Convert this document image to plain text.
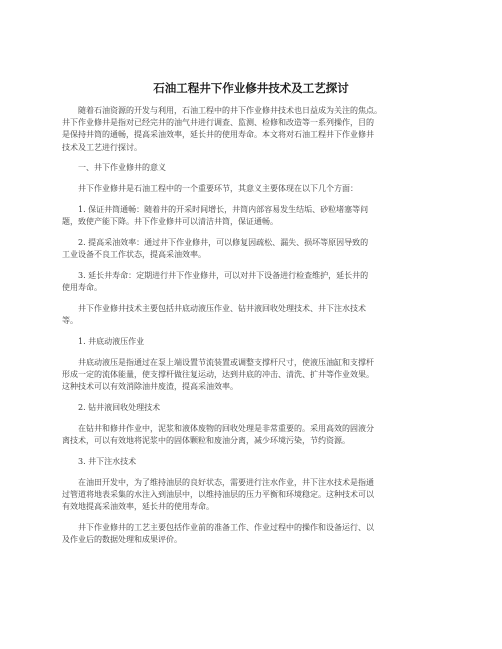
石油工程井下作业修井技术及工艺探讨

　　随着石油资源的开发与利用，石油工程中的井下作业修井技术也日益成为关注的焦点。
井下作业修井是指对已经完井的油气井进行调查、监测、检修和改造等一系列操作，目的
是保持井筒的通畅，提高采油效率，延长井的使用寿命。本文将对石油工程井下作业修井
技术及工艺进行探讨。

　　一、井下作业修井的意义

　　井下作业修井是石油工程中的一个重要环节，其意义主要体现在以下几个方面：

　　1. 保证井筒通畅：随着井的开采时间增长，井筒内部容易发生结垢、砂粒堵塞等问
题，致使产能下降。井下作业修井可以清洁井筒，保证通畅。

　　2. 提高采油效率：通过井下作业修井，可以修复因疏松、漏失、损坏等原因导致的
工业设备不良工作状态，提高采油效率。

　　3. 延长井寿命：定期进行井下作业修井，可以对井下设备进行检查维护，延长井的
使用寿命。

　　井下作业修井技术主要包括井底动液压作业、钻井液回收处理技术、井下注水技术
等。

　　1. 井底动液压作业

　　井底动液压是指通过在泵上端设置节流装置或调整支撑杆尺寸，使液压油缸和支撑杆
形成一定的流体能量，使支撑杆做往复运动，达到井底的冲击、清洗、扩井等作业效果。
这种技术可以有效消除油井废渣，提高采油效率。

　　2. 钻井液回收处理技术

　　在钻井和修井作业中，泥浆和液体废物的回收处理是非常重要的。采用高效的固液分
离技术，可以有效地将泥浆中的固体颗粒和废油分离，减少环境污染，节约资源。

　　3. 井下注水技术

　　在油田开发中，为了维持油层的良好状态，需要进行注水作业，井下注水技术是指通
过管道将地表采集的水注入到油层中，以维持油层的压力平衡和环境稳定。这种技术可以
有效地提高采油效率，延长井的使用寿命。

　　井下作业修井的工艺主要包括作业前的准备工作、作业过程中的操作和设备运行、以
及作业后的数据处理和成果评价。
